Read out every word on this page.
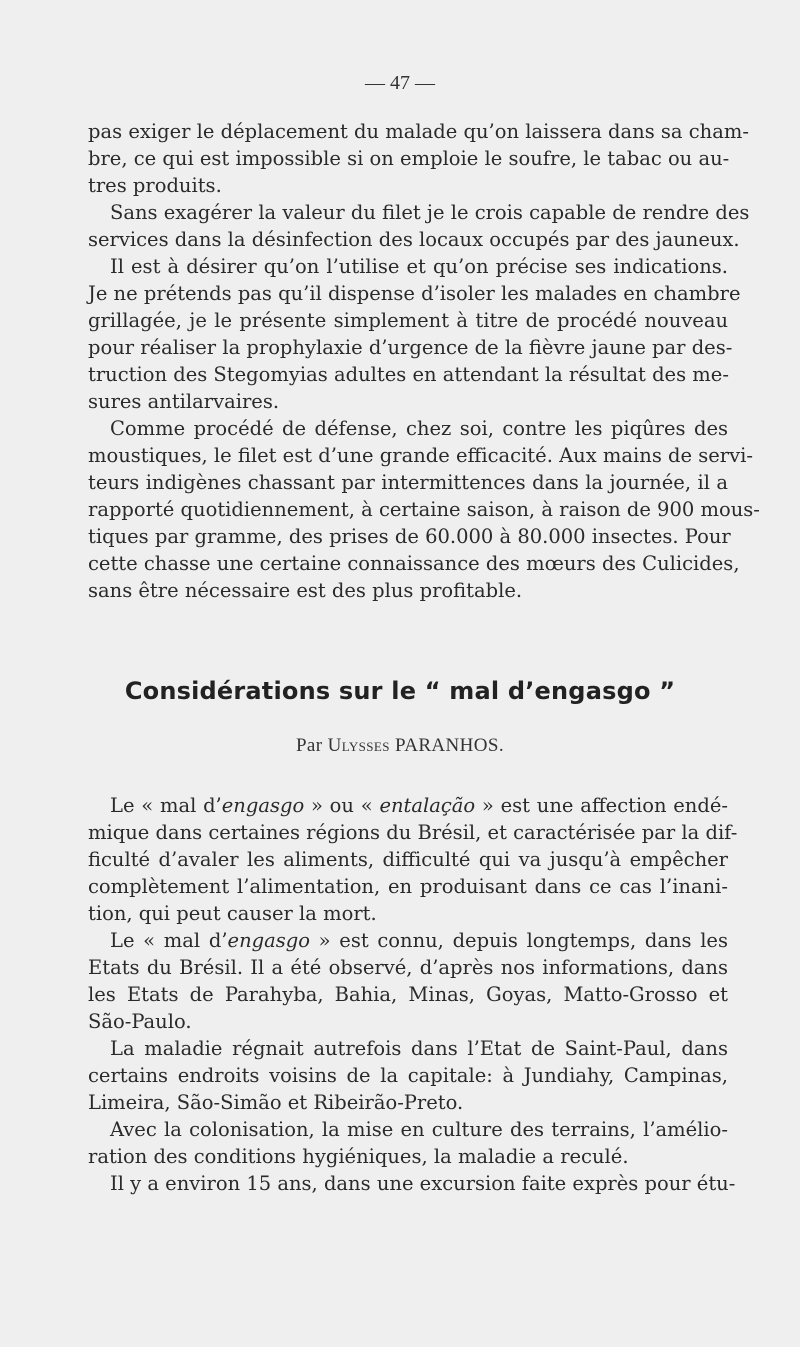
— 47 —
pas exiger le déplacement du malade qu’on laissera dans sa cham-
bre, ce qui est impossible si on emploie le soufre, le tabac ou au-
tres produits.
Sans exagérer la valeur du filet je le crois capable de rendre des
services dans la désinfection des locaux occupés par des jauneux.
Il est à désirer qu’on l’utilise et qu’on précise ses indications.
Je ne prétends pas qu’il dispense d’isoler les malades en chambre
grillagée, je le présente simplement à titre de procédé nouveau
pour réaliser la prophylaxie d’urgence de la fièvre jaune par des-
truction des Stegomyias adultes en attendant la résultat des me-
sures antilarvaires.
Comme procédé de défense, chez soi, contre les piqûres des
moustiques, le filet est d’une grande efficacité. Aux mains de servi-
teurs indigènes chassant par intermittences dans la journée, il a
rapporté quotidiennement, à certaine saison, à raison de 900 mous-
tiques par gramme, des prises de 60.000 à 80.000 insectes. Pour
cette chasse une certaine connaissance des mœurs des Culicides,
sans être nécessaire est des plus profitable.
Considérations sur le “ mal d’engasgo ”
Par Ulysses PARANHOS.
Le « mal d’engasgo » ou « entalação » est une affection endé-
mique dans certaines régions du Brésil, et caractérisée par la dif-
ficulté d’avaler les aliments, difficulté qui va jusqu’à empêcher
complètement l’alimentation, en produisant dans ce cas l’inani-
tion, qui peut causer la mort.
Le « mal d’engasgo » est connu, depuis longtemps, dans les
Etats du Brésil. Il a été observé, d’après nos informations, dans
les Etats de Parahyba, Bahia, Minas, Goyas, Matto-Grosso et
São-Paulo.
La maladie régnait autrefois dans l’Etat de Saint-Paul, dans
certains endroits voisins de la capitale: à Jundiahy, Campinas,
Limeira, São-Simão et Ribeirão-Preto.
Avec la colonisation, la mise en culture des terrains, l’amélio-
ration des conditions hygiéniques, la maladie a reculé.
Il y a environ 15 ans, dans une excursion faite exprès pour étu-
